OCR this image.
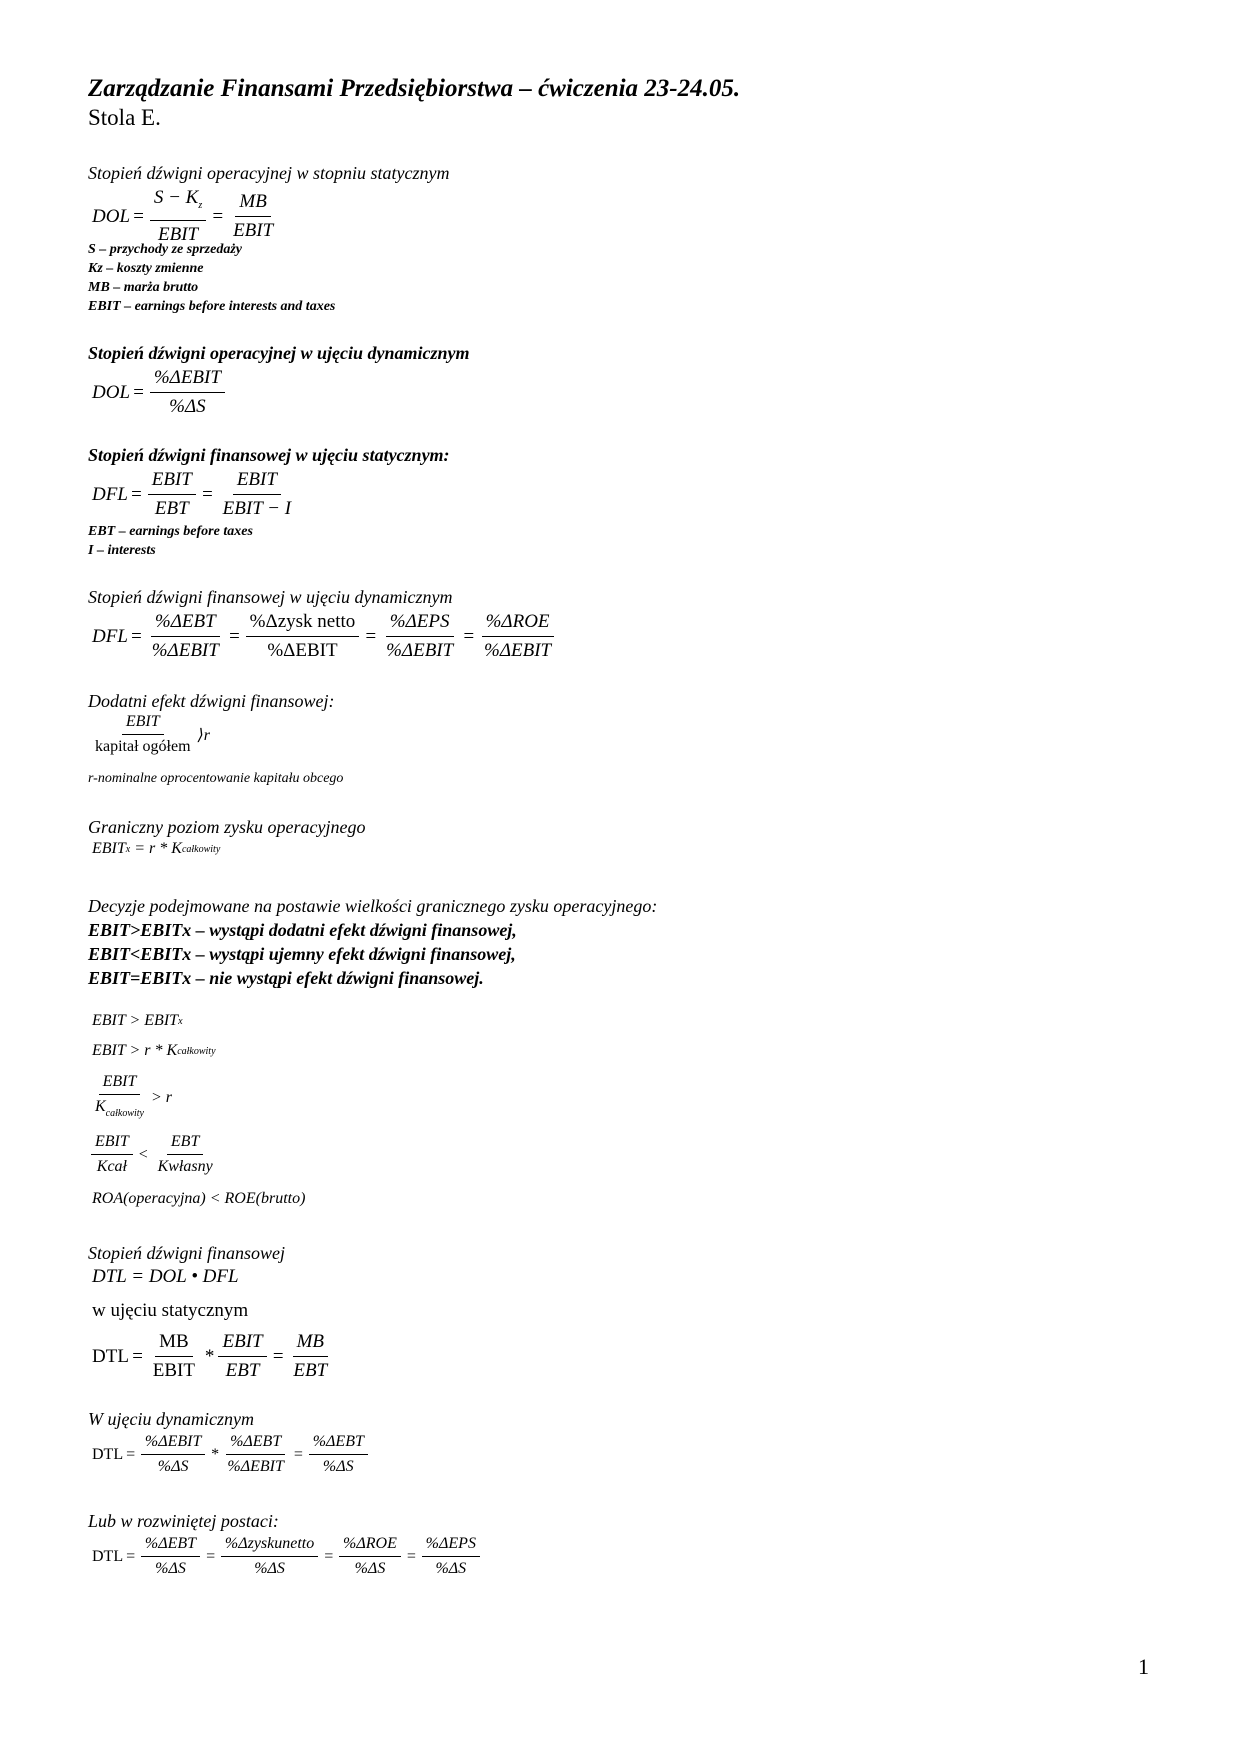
Zarządzanie Finansami Przedsiębiorstwa – ćwiczenia 23-24.05.
Stola E.
Stopień dźwigni operacyjnej w stopniu statycznym
DOL = $\frac{S - K_z}{\text{EBIT}} = \frac{MB}{\text{EBIT}}$
S – przychody ze sprzedaży
Kz – koszty zmienne
MB – marża brutto
EBIT – earnings before interests and taxes
Stopień dźwigni operacyjnej w ujęciu dynamicznym
DOL = $\frac{\text{\%ΔEBIT}}{\%\Delta S}$
Stopień dźwigni finansowej w ujęciu statycznym:
DFL = $\frac{\text{EBIT}}{\text{EBT}} = \frac{\text{EBIT}}{\text{EBIT − I}}$
EBT – earnings before taxes
I – interests
Stopień dźwigni finansowej w ujęciu dynamicznym
DFL = $\frac{\text{\%ΔEBT}}{\text{\%ΔEBIT}} = \frac{\text{\%Δzysk netto}}{\text{\%ΔEBIT}} = \frac{\text{\%ΔEPS}}{\text{\%ΔEBIT}} = \frac{\text{\%ΔROE}}{\text{\%ΔEBIT}}$
Dodatni efekt dźwigni finansowej:
$\frac{\text{EBIT}}{\text{kapitał ogółem}}$ ⟩r
r-nominalne oprocentowanie kapitału obcego
Graniczny poziom zysku operacyjnego
EBIT x
= r * K całkowity
Decyzje podejmowane na postawie wielkości granicznego zysku operacyjnego:
EBIT>EBITx – wystąpi dodatni efekt dźwigni finansowej,
EBIT<EBITx – wystąpi ujemny efekt dźwigni finansowej,
EBIT=EBITx – nie wystąpi efekt dźwigni finansowej.
EBIT > EBIT x
EBIT > r * K całkowity
$\frac{\text{EBIT}}{K_{całkowity}} > r$
$\frac{\text{EBIT}}{\text{Kcał}} < \frac{\text{EBT}}{\text{Kwłasny}}$
ROA(operacyjna) < ROE(brutto)
Stopień dźwigni finansowej
DTL = DOL • DFL
w ujęciu statycznym
DTL = $\frac{MB}{\text{EBIT}} * \frac{\text{EBIT}}{\text{EBT}} = \frac{MB}{\text{EBT}}$
W ujęciu dynamicznym
DTL = $\frac{\text{\%ΔEBIT}}{\%\Delta S} * \frac{\text{\%ΔEBT}}{\text{\%ΔEBIT}} = \frac{\text{\%ΔEBT}}{\%\Delta S}$
Lub w rozwiniętej postaci:
DTL = $\frac{\text{\%ΔEBT}}{\%\Delta S} = \frac{\text{\%Δzyskunetto}}{\%\Delta S} = \frac{\text{\%ΔROE}}{\%\Delta S} = \frac{\text{\%ΔEPS}}{\%\Delta S}$
1
